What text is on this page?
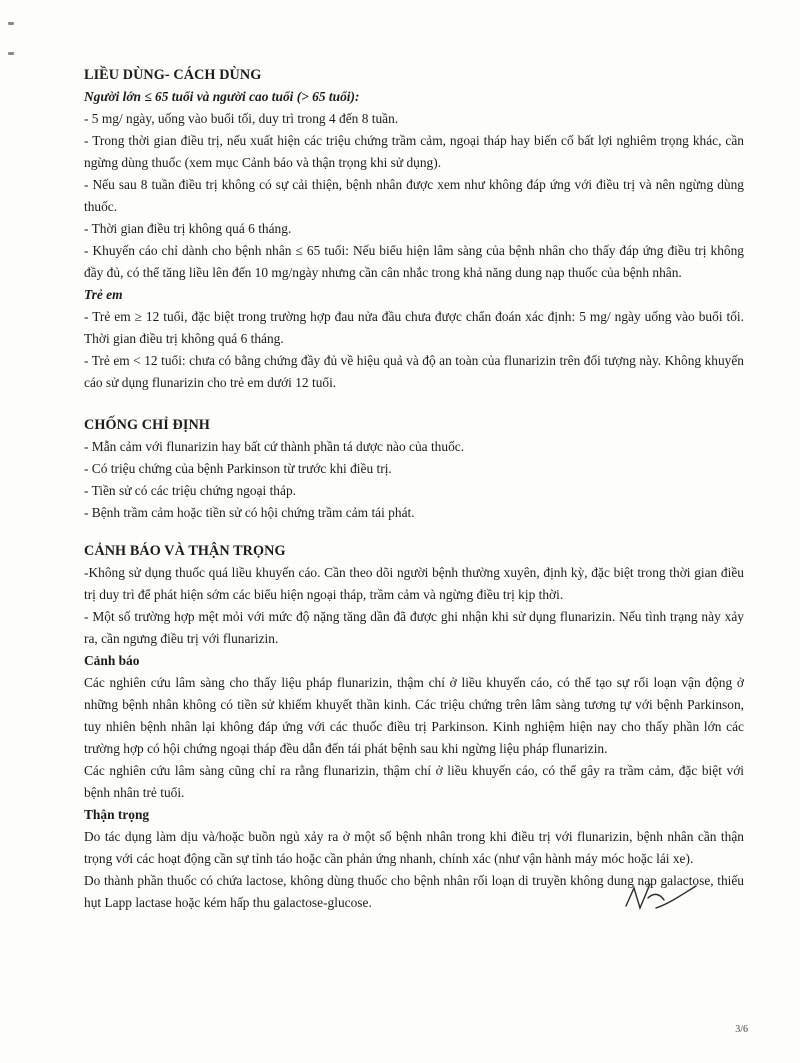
LIỀU DÙNG- CÁCH DÙNG

Người lớn ≤ 65 tuổi và người cao tuổi (> 65 tuổi):

- 5 mg/ ngày, uống vào buổi tối, duy trì trong 4 đến 8 tuần.

- Trong thời gian điều trị, nếu xuất hiện các triệu chứng trầm cảm, ngoại tháp hay biến cố bất lợi nghiêm trọng khác, cần ngừng dùng thuốc (xem mục Cảnh báo và thận trọng khi sử dụng).

- Nếu sau 8 tuần điều trị không có sự cải thiện, bệnh nhân được xem như không đáp ứng với điều trị và nên ngừng dùng thuốc.

- Thời gian điều trị không quá 6 tháng.

- Khuyến cáo chỉ dành cho bệnh nhân ≤ 65 tuổi: Nếu biểu hiện lâm sàng của bệnh nhân cho thấy đáp ứng điều trị không đầy đủ, có thể tăng liều lên đến 10 mg/ngày nhưng cần cân nhắc trong khả năng dung nạp thuốc của bệnh nhân.

Trẻ em

- Trẻ em ≥ 12 tuổi, đặc biệt trong trường hợp đau nửa đầu chưa được chẩn đoán xác định: 5 mg/ ngày uống vào buổi tối. Thời gian điều trị không quá 6 tháng.

- Trẻ em < 12 tuổi: chưa có bằng chứng đầy đủ về hiệu quả và độ an toàn của flunarizin trên đối tượng này. Không khuyến cáo sử dụng flunarizin cho trẻ em dưới 12 tuổi.

CHỐNG CHỈ ĐỊNH

- Mẫn cảm với flunarizin hay bất cứ thành phần tá dược nào của thuốc.

- Có triệu chứng của bệnh Parkinson từ trước khi điều trị.

- Tiền sử có các triệu chứng ngoại tháp.

- Bệnh trầm cảm hoặc tiền sử có hội chứng trầm cảm tái phát.

CẢNH BÁO VÀ THẬN TRỌNG

-Không sử dụng thuốc quá liều khuyến cáo. Cần theo dõi người bệnh thường xuyên, định kỳ, đặc biệt trong thời gian điều trị duy trì để phát hiện sớm các biểu hiện ngoại tháp, trầm cảm và ngừng điều trị kịp thời.

- Một số trường hợp mệt mỏi với mức độ nặng tăng dần đã được ghi nhận khi sử dụng flunarizin. Nếu tình trạng này xảy ra, cần ngưng điều trị với flunarizin.

Cảnh báo

Các nghiên cứu lâm sàng cho thấy liệu pháp flunarizin, thậm chí ở liều khuyến cáo, có thể tạo sự rối loạn vận động ở những bệnh nhân không có tiền sử khiếm khuyết thần kinh. Các triệu chứng trên lâm sàng tương tự với bệnh Parkinson, tuy nhiên bệnh nhân lại không đáp ứng với các thuốc điều trị Parkinson. Kinh nghiệm hiện nay cho thấy phần lớn các trường hợp có hội chứng ngoại tháp đều dẫn đến tái phát bệnh sau khi ngừng liệu pháp flunarizin.

Các nghiên cứu lâm sàng cũng chỉ ra rằng flunarizin, thậm chí ở liều khuyến cáo, có thể gây ra trầm cảm, đặc biệt với bệnh nhân trẻ tuổi.

Thận trọng

Do tác dụng làm dịu và/hoặc buồn ngủ xảy ra ở một số bệnh nhân trong khi điều trị với flunarizin, bệnh nhân cần thận trọng với các hoạt động cần sự tỉnh táo hoặc cần phản ứng nhanh, chính xác (như vận hành máy móc hoặc lái xe).

Do thành phần thuốc có chứa lactose, không dùng thuốc cho bệnh nhân rối loạn di truyền không dung nạp galactose, thiếu hụt Lapp lactase hoặc kém hấp thu galactose-glucose.

3/6
